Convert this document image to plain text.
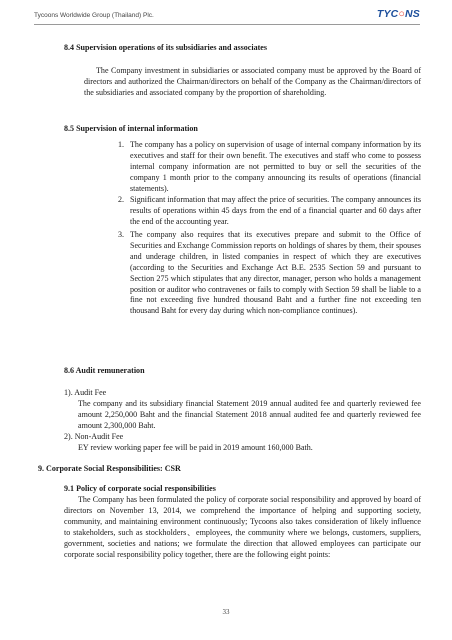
Tycoons Worldwide Group (Thailand) Plc.	TYC○NS
8.4 Supervision operations of its subsidiaries and associates
The Company investment in subsidiaries or associated company must be approved by the Board of directors and authorized the Chairman/directors on behalf of the Company as the Chairman/directors of the subsidiaries and associated company by the proportion of shareholding.
8.5 Supervision of internal information
1. The company has a policy on supervision of usage of internal company information by its executives and staff for their own benefit. The executives and staff who come to possess internal company information are not permitted to buy or sell the securities of the company 1 month prior to the company announcing its results of operations (financial statements).
2. Significant information that may affect the price of securities. The company announces its results of operations within 45 days from the end of a financial quarter and 60 days after the end of the accounting year.
3. The company also requires that its executives prepare and submit to the Office of Securities and Exchange Commission reports on holdings of shares by them, their spouses and underage children, in listed companies in respect of which they are executives (according to the Securities and Exchange Act B.E. 2535 Section 59 and pursuant to Section 275 which stipulates that any director, manager, person who holds a management position or auditor who contravenes or fails to comply with Section 59 shall be liable to a fine not exceeding five hundred thousand Baht and a further fine not exceeding ten thousand Baht for every day during which non-compliance continues).
8.6 Audit remuneration
1). Audit Fee
The company and its subsidiary financial Statement 2019 annual audited fee and quarterly reviewed fee amount 2,250,000 Baht and the financial Statement 2018 annual audited fee and quarterly reviewed fee amount 2,300,000 Baht.
2). Non-Audit Fee
EY review working paper fee will be paid in 2019 amount 160,000 Bath.
9. Corporate Social Responsibilities: CSR
9.1 Policy of corporate social responsibilities
The Company has been formulated the policy of corporate social responsibility and approved by board of directors on November 13, 2014, we comprehend the importance of helping and supporting society, community, and maintaining environment continuously; Tycoons also takes consideration of likely influence to stakeholders, such as stockholders、employees, the community where we belongs, customers, suppliers, government, societies and nations; we formulate the direction that allowed employees can participate our corporate social responsibility policy together, there are the following eight points:
33
